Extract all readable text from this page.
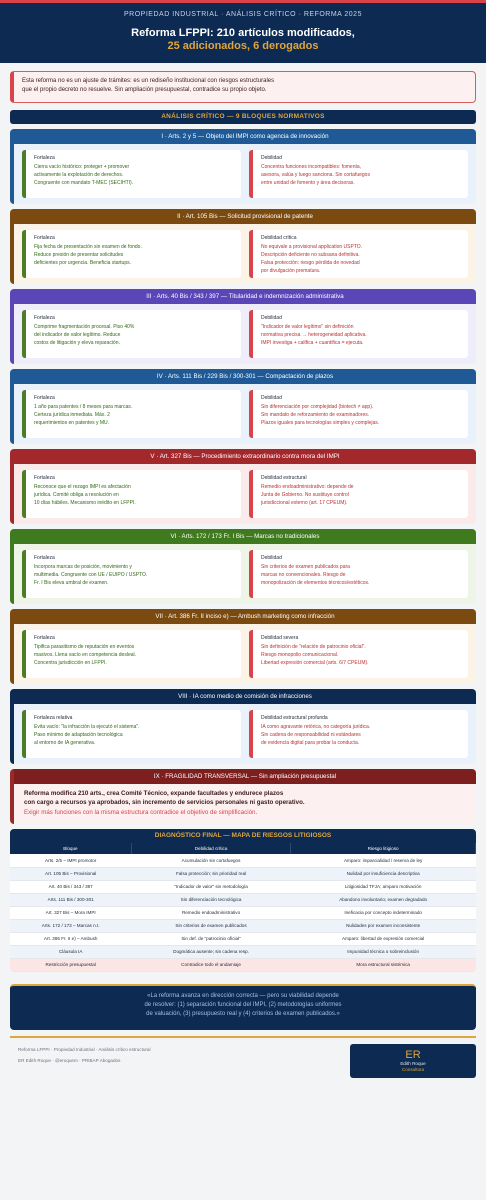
PROPIEDAD INDUSTRIAL · ANÁLISIS CRÍTICO · REFORMA 2025
Reforma LFPPI: 210 artículos modificados,
25 adicionados, 6 derogados
Esta reforma no es un ajuste de trámites: es un rediseño institucional con riesgos estructurales
que el propio decreto no resuelve. Sin ampliación presupuestal, contradice su propio objeto.
ANÁLISIS CRÍTICO — 9 BLOQUES NORMATIVOS
I · Arts. 2 y 5 — Objeto del IMPI como agencia de innovación
Fortaleza
Cierra vacío histórico: proteger + promover
activamente la explotación de derechos.
Congruente con mandato T-MEC (SECIHTI).
Debilidad
Concentra funciones incompatibles: fomenta,
asesora, valúa y luego sanciona. Sin cortafuegos
entre unidad de fomento y área decisoras.
II · Art. 105 Bis — Solicitud provisional de patente
Fortaleza
Fija fecha de presentación sin examen de fondo.
Reduce presión de presentar solicitudes
deficientes por urgencia. Beneficia startups.
Debilidad crítica
No equivale a provisional application USPTO.
Descripción deficiente no subsana definitiva.
Falsa protección: riesgo pérdida de novedad
por divulgación prematura.
III · Arts. 40 Bis / 343 / 397 — Titularidad e indemnización administrativa
Fortaleza
Comprime fragmentación procesal. Piso 40%
del indicador de valor legítimo. Reduce
costos de litigación y eleva reparación.
Debilidad
"Indicador de valor legítimo" sin definición
normativa precisa → heterogeneidad aplicativa.
IMPI investiga + califica + cuantifica = ejecuta.
IV · Arts. 111 Bis / 229 Bis / 300-301 — Compactación de plazos
Fortaleza
1 año para patentes / 8 meses para marcas.
Certeza jurídica inmediata. Máx. 2
requerimientos en patentes y MU.
Debilidad
Sin diferenciación por complejidad (biotech ≠ app).
Sin mandato de reforzamiento de examinadores.
Plazos iguales para tecnologías simples y complejas.
V · Art. 327 Bis — Procedimiento extraordinario contra mora del IMPI
Fortaleza
Reconoce que el rezago IMPI es afectación
jurídica. Comité obliga a resolución en
10 días hábiles. Mecanismo inédito en LFPPI.
Debilidad estructural
Remedio endoadministrativo: depende de
Junta de Gobierno. No sustituye control
jurisdiccional externo (art. 17 CPEUM).
VI · Arts. 172 / 173 Fr. I Bis — Marcas no tradicionales
Fortaleza
Incorpora marcas de posición, movimiento y
multimedia. Congruente con UE / EUIPO / USPTO.
Fr. I Bis eleva umbral de examen.
Debilidad
Sin criterios de examen publicados para
marcas no convencionales. Riesgo de
monopolización de elementos técnicos/estéticos.
VII · Art. 386 Fr. II inciso e) — Ambush marketing como infracción
Fortaleza
Tipifica parasitismo de reputación en eventos
masivos. Llena vacío en competencia desleal.
Concentra jurisdicción en LFPPI.
Debilidad severa
Sin definición de "relación de patrocinio oficial".
Riesgo monopolio comunicacional.
Libertad expresión comercial (arts. 6/7 CPEUM).
VIII · IA como medio de comisión de infracciones
Fortaleza relativa
Evita vacío: "la infracción la ejecutó el sistema".
Paso mínimo de adaptación tecnológica
al entorno de IA generativa.
Debilidad estructural profunda
IA como agravante retórica, no categoría jurídica.
Sin cadena de responsabilidad ni estándares
de evidencia digital para probar la conducta.
IX · FRAGILIDAD TRANSVERSAL — Sin ampliación presupuestal
Reforma modifica 210 arts., crea Comité Técnico, expande facultades y endurece plazos
con cargo a recursos ya aprobados, sin incremento de servicios personales ni gasto operativo.
Exigir más funciones con la misma estructura contradice el objetivo de simplificación.
DIAGNÓSTICO FINAL — MAPA DE RIESGOS LITIGIOSOS
Bloque	Debilidad crítica	Riesgo litigioso
Arts. 2/5 – IMPI promotor	Acumulación sin cortafuegos	Amparo: imparcialidad / reserva de ley
Art. 105 Bis – Provisional	Falsa protección; sin prioridad real	Nulidad por insuficiencia descriptiva
Art. 40 Bis / 343 / 397	"Indicador de valor" sin metodología	Litigiosidad TFJA; amparo motivación
Arts. 111 Bis / 300-301	Sin diferenciación tecnológica	Abandono involuntario; examen degradado
Art. 327 Bis – Mora IMPI	Remedio endoadministrativo	Ineficacia por concepto indeterminado
Arts. 172 / 173 – Marcas n.t.	Sin criterios de examen publicados	Nulidades por examen inconsistente
Art. 386 Fr. II e) – Ambush	Sin def. de "patrocinio oficial"	Amparo: libertad de expresión comercial
Cláusula IA	Dogmática ausente; sin cadena resp.	Impunidad técnica o sobreinclusión
Restricción presupuestal	Contradice todo el andamiaje	Mora estructural sistémica
«La reforma avanza en dirección correcta — pero su viabilidad depende
de resolver: (1) separación funcional del IMPI, (2) metodologías uniformes
de valuación, (3) presupuesto real y (4) criterios de examen publicados.»
Reforma LFPPI · Propiedad Industrial · Análisis crítico estructural
ER Edith Roque · @eroquem · PRIBAP Abogados	ER
Edith Roque
Consultora
